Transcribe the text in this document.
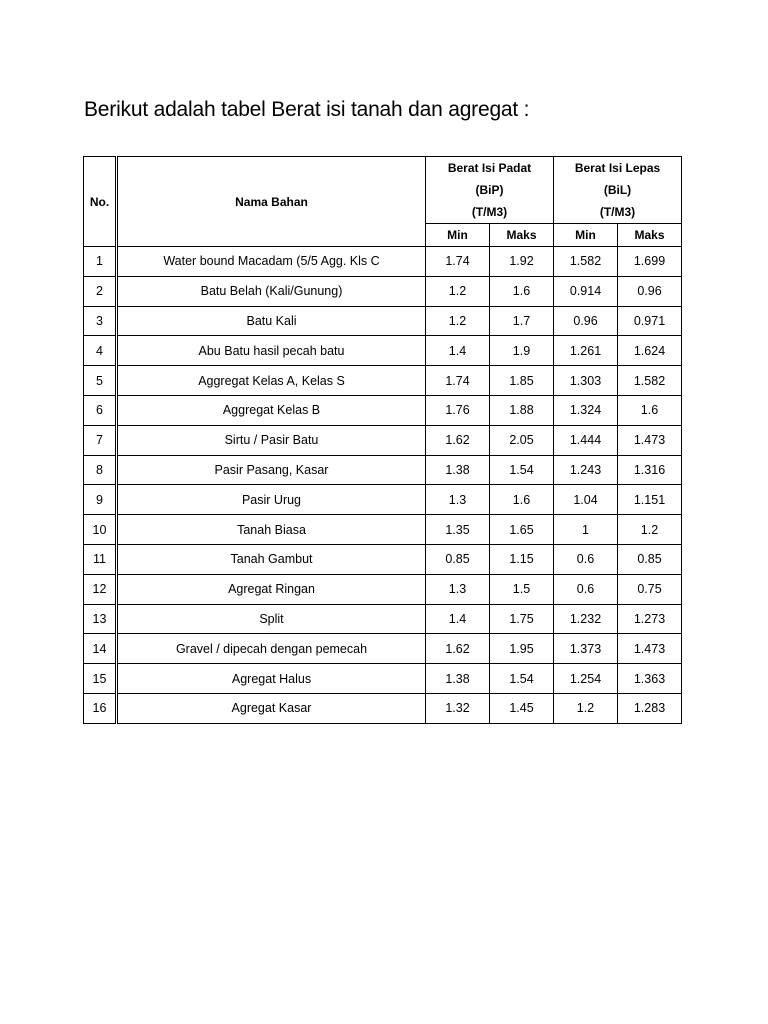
Berikut adalah tabel Berat isi tanah dan agregat :
No.	Nama Bahan	Berat Isi Padat		Berat Isi Lepas	
		(BiP)		(BiL)	
		(T/M3)		(T/M3)	
		Min	Maks	Min	Maks
1	Water bound Macadam (5/5 Agg. Kls C	1.74	1.92	1.582	1.699
2	Batu Belah (Kali/Gunung)	1.2	1.6	0.914	0.96
3	Batu Kali	1.2	1.7	0.96	0.971
4	Abu Batu hasil pecah batu	1.4	1.9	1.261	1.624
5	Aggregat Kelas A, Kelas S	1.74	1.85	1.303	1.582
6	Aggregat Kelas B	1.76	1.88	1.324	1.6
7	Sirtu / Pasir Batu	1.62	2.05	1.444	1.473
8	Pasir Pasang, Kasar	1.38	1.54	1.243	1.316
9	Pasir Urug	1.3	1.6	1.04	1.151
10	Tanah Biasa	1.35	1.65	1	1.2
11	Tanah Gambut	0.85	1.15	0.6	0.85
12	Agregat Ringan	1.3	1.5	0.6	0.75
13	Split	1.4	1.75	1.232	1.273
14	Gravel / dipecah dengan pemecah	1.62	1.95	1.373	1.473
15	Agregat Halus	1.38	1.54	1.254	1.363
16	Agregat Kasar	1.32	1.45	1.2	1.283
